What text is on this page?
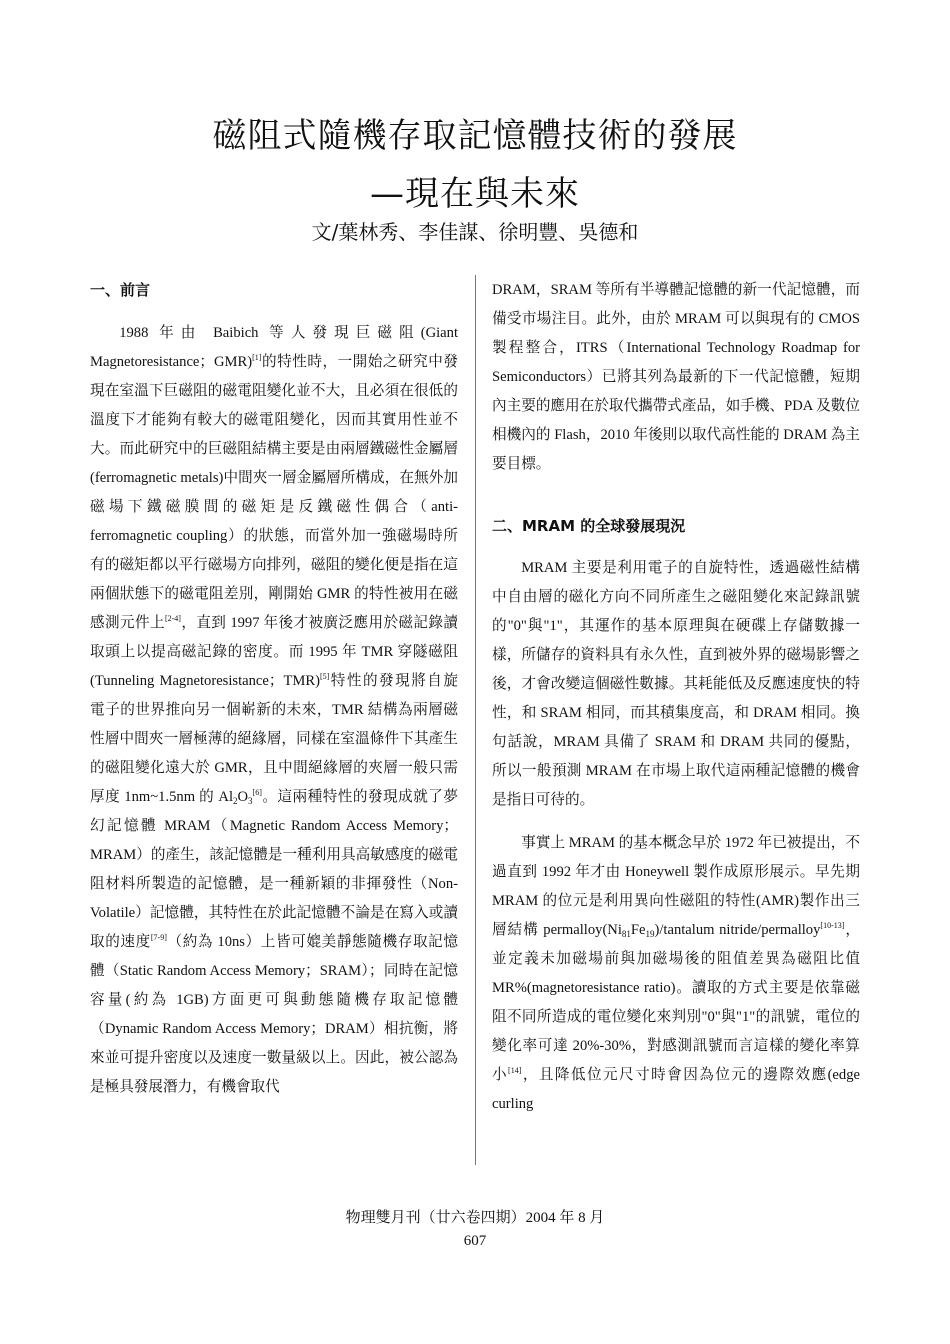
磁阻式隨機存取記憶體技術的發展
—現在與未來
文/葉林秀、李佳謀、徐明豐、吳德和
一、前言

1988 年由 Baibich 等人發現巨磁阻(Giant Magnetoresistance；GMR)[1]的特性時，一開始之研究中發現在室溫下巨磁阻的磁電阻變化並不大，且必須在很低的溫度下才能夠有較大的磁電阻變化，因而其實用性並不大。而此研究中的巨磁阻結構主要是由兩層鐵磁性金屬層(ferromagnetic metals)中間夾一層金屬層所構成，在無外加磁場下鐵磁膜間的磁矩是反鐵磁性偶合（anti-ferromagnetic coupling）的狀態，而當外加一強磁場時所有的磁矩都以平行磁場方向排列，磁阻的變化便是指在這兩個狀態下的磁電阻差別，剛開始 GMR 的特性被用在磁感測元件上[2-4]，直到 1997 年後才被廣泛應用於磁記錄讀取頭上以提高磁記錄的密度。而 1995 年 TMR 穿隧磁阻(Tunneling Magnetoresistance；TMR)[5]特性的發現將自旋電子的世界推向另一個嶄新的未來，TMR 結構為兩層磁性層中間夾一層極薄的絕緣層，同樣在室溫條件下其產生的磁阻變化遠大於 GMR，且中間絕緣層的夾層一般只需厚度 1nm~1.5nm 的 $Al_2O_3[6]$。這兩種特性的發現成就了夢幻記憶體 MRAM（Magnetic Random Access Memory；MRAM）的產生，該記憶體是一種利用具高敏感度的磁電阻材料所製造的記憶體，是一種新穎的非揮發性（Non-Volatile）記憶體，其特性在於此記憶體不論是在寫入或讀取的速度[7-9]（約為 10ns）上皆可媲美靜態隨機存取記憶體（Static Random Access Memory；SRAM）；同時在記憶容量(約為 1GB)方面更可與動態隨機存取記憶體（Dynamic Random Access Memory；DRAM）相抗衡，將來並可提升密度以及速度一數量級以上。因此，被公認為是極具發展潛力，有機會取代

DRAM，SRAM 等所有半導體記憶體的新一代記憶體，而備受市場注目。此外，由於 MRAM 可以與現有的 CMOS 製程整合，ITRS（International Technology Roadmap for Semiconductors）已將其列為最新的下一代記憶體，短期內主要的應用在於取代攜帶式產品，如手機、PDA 及數位相機內的 Flash，2010 年後則以取代高性能的 DRAM 為主要目標。

二、MRAM 的全球發展現況

MRAM 主要是利用電子的自旋特性，透過磁性結構中自由層的磁化方向不同所產生之磁阻變化來記錄訊號的"0"與"1"，其運作的基本原理與在硬碟上存儲數據一樣，所儲存的資料具有永久性，直到被外界的磁場影響之後，才會改變這個磁性數據。其耗能低及反應速度快的特性，和 SRAM 相同，而其積集度高，和 DRAM 相同。換句話說，MRAM 具備了 SRAM 和 DRAM 共同的優點，所以一般預測 MRAM 在市場上取代這兩種記憶體的機會是指日可待的。

事實上 MRAM 的基本概念早於 1972 年已被提出，不過直到 1992 年才由 Honeywell 製作成原形展示。早先期 MRAM 的位元是利用異向性磁阻的特性(AMR)製作出三層結構 $permalloy(Ni_{81}Fe_{19})$/tantalum nitride/permalloy[10-13]，並定義未加磁場前與加磁場後的阻值差異為磁阻比值 MR%(magnetoresistance ratio)。讀取的方式主要是依靠磁阻不同所造成的電位變化來判別"0"與"1"的訊號，電位的變化率可達 20%-30%，對感測訊號而言這樣的變化率算小[14]，且降低位元尺寸時會因為位元的邊際效應(edge curling

物理雙月刊（廿六卷四期）2004 年 8 月
607
